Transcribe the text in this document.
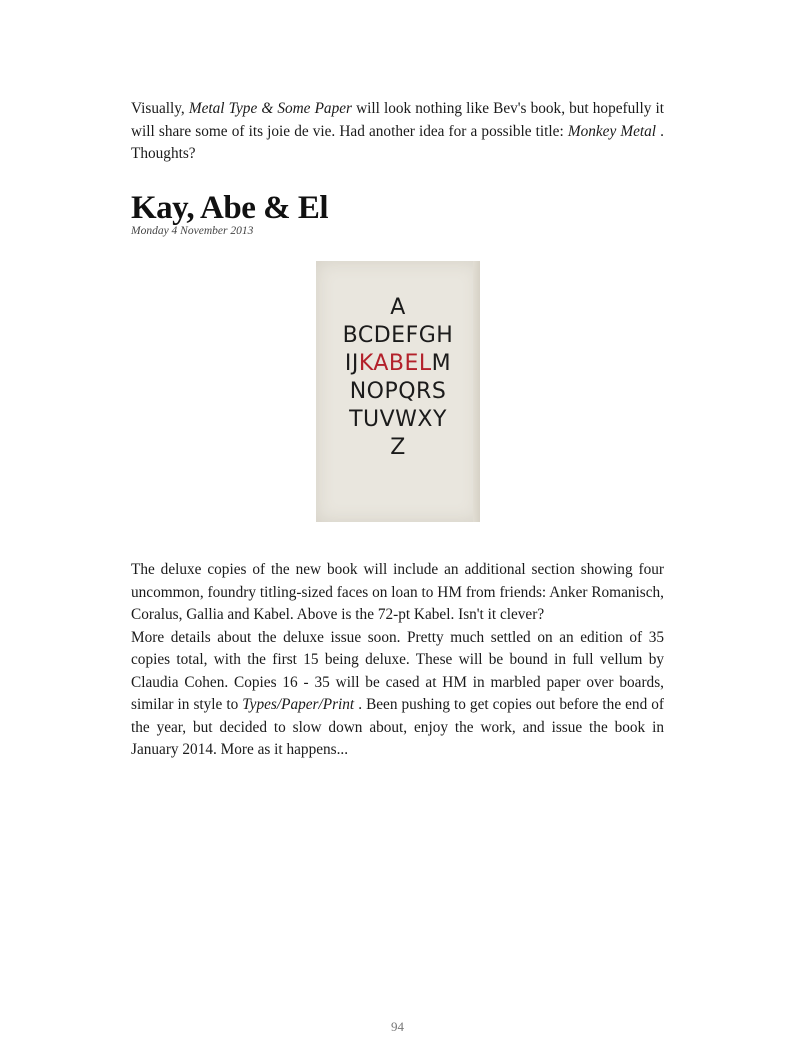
Visually, Metal Type & Some Paper will look nothing like Bev's book, but hopefully it will share some of its joie de vie. Had another idea for a possible title: Monkey Metal . Thoughts?

Kay, Abe & El
Monday 4 November 2013
A
BCDEFGH
IJKABELM
NOPQRS
TUVWXY
Z

The deluxe copies of the new book will include an additional section showing four uncommon, foundry titling-sized faces on loan to HM from friends: Anker Romanisch, Coralus, Gallia and Kabel. Above is the 72-pt Kabel. Isn't it clever?

More details about the deluxe issue soon. Pretty much settled on an edition of 35 copies total, with the first 15 being deluxe. These will be bound in full vellum by Claudia Cohen. Copies 16 - 35 will be cased at HM in marbled paper over boards, similar in style to Types/Paper/Print . Been pushing to get copies out before the end of the year, but decided to slow down about, enjoy the work, and issue the book in January 2014. More as it happens...

94
